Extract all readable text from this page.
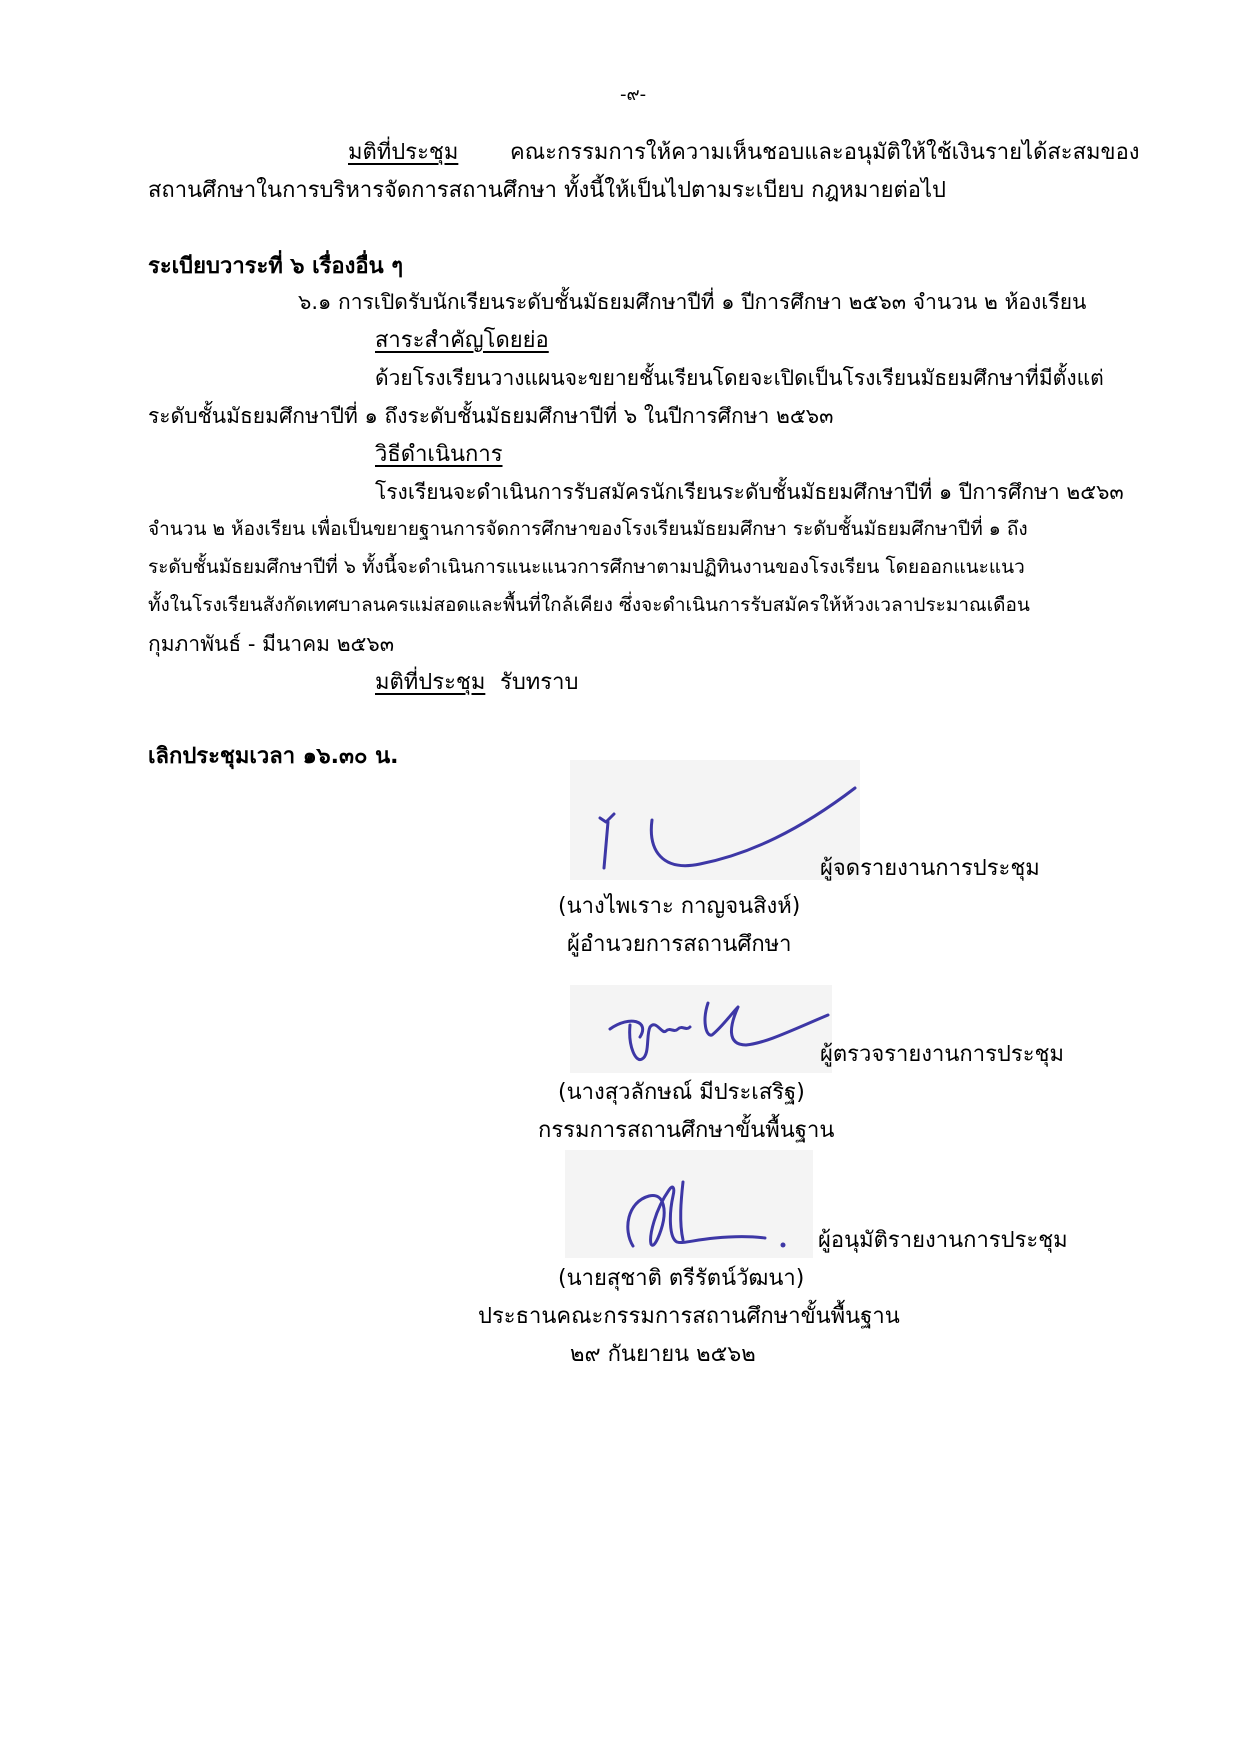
-๙-
มติที่ประชุม คณะกรรมการให้ความเห็นชอบและอนุมัติให้ใช้เงินรายได้สะสมของ
สถานศึกษาในการบริหารจัดการสถานศึกษา ทั้งนี้ให้เป็นไปตามระเบียบ กฎหมายต่อไป
ระเบียบวาระที่ ๖ เรื่องอื่น ๆ
๖.๑ การเปิดรับนักเรียนระดับชั้นมัธยมศึกษาปีที่ ๑ ปีการศึกษา ๒๕๖๓ จำนวน ๒ ห้องเรียน
สาระสำคัญโดยย่อ
ด้วยโรงเรียนวางแผนจะขยายชั้นเรียนโดยจะเปิดเป็นโรงเรียนมัธยมศึกษาที่มีตั้งแต่
ระดับชั้นมัธยมศึกษาปีที่ ๑ ถึงระดับชั้นมัธยมศึกษาปีที่ ๖ ในปีการศึกษา ๒๕๖๓
วิธีดำเนินการ
โรงเรียนจะดำเนินการรับสมัครนักเรียนระดับชั้นมัธยมศึกษาปีที่ ๑ ปีการศึกษา ๒๕๖๓
จำนวน ๒ ห้องเรียน เพื่อเป็นขยายฐานการจัดการศึกษาของโรงเรียนมัธยมศึกษา ระดับชั้นมัธยมศึกษาปีที่ ๑ ถึง
ระดับชั้นมัธยมศึกษาปีที่ ๖ ทั้งนี้จะดำเนินการแนะแนวการศึกษาตามปฏิทินงานของโรงเรียน โดยออกแนะแนว
ทั้งในโรงเรียนสังกัดเทศบาลนครแม่สอดและพื้นที่ใกล้เคียง ซึ่งจะดำเนินการรับสมัครให้ห้วงเวลาประมาณเดือน
กุมภาพันธ์ - มีนาคม ๒๕๖๓
มติที่ประชุม รับทราบ
เลิกประชุมเวลา ๑๖.๓๐ น.
ผู้จดรายงานการประชุม
(นางไพเราะ กาญจนสิงห์)
ผู้อำนวยการสถานศึกษา
ผู้ตรวจรายงานการประชุม
(นางสุวลักษณ์ มีประเสริฐ)
กรรมการสถานศึกษาขั้นพื้นฐาน
ผู้อนุมัติรายงานการประชุม
(นายสุชาติ ตรีรัตน์วัฒนา)
ประธานคณะกรรมการสถานศึกษาขั้นพื้นฐาน
๒๙ กันยายน ๒๕๖๒
